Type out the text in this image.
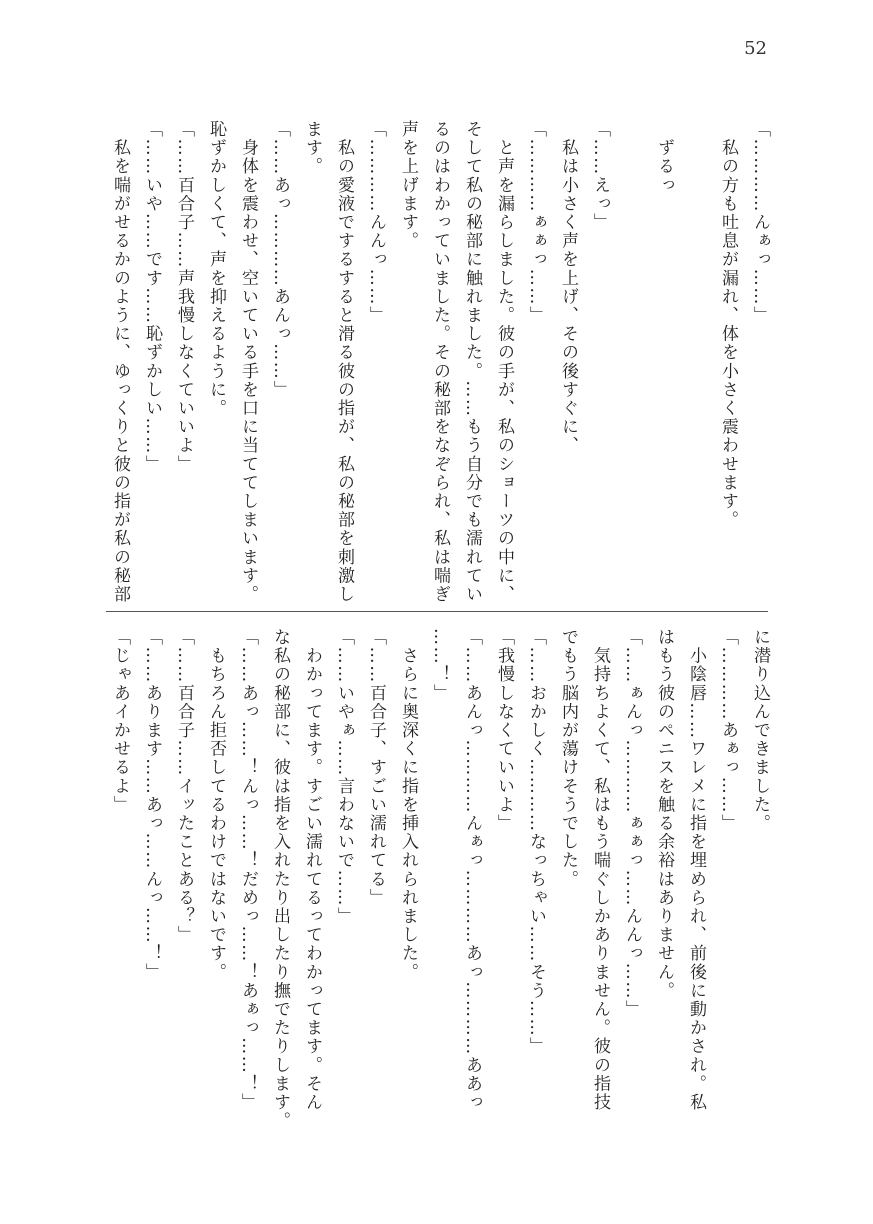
52
「…………んぁっ……」
　私の方も吐息が漏れ、体を小さく震わせます。
　ずるっ
「……えっ」
　私は小さく声を上げ、その後すぐに、
「…………ぁぁっ……」
　と声を漏らしました。彼の手が、私のショーツの中に、
そして私の秘部に触れました。……もう自分でも濡れてい
るのはわかっていました。その秘部をなぞられ、私は喘ぎ
声を上げます。
「…………んんっ……」
　私の愛液でするすると滑る彼の指が、私の秘部を刺激し
ます。
「……あっ…………あんっ……」
　身体を震わせ、空いている手を口に当ててしまいます。
恥ずかしくて、声を抑えるように。
「……百合子……声我慢しなくていいよ」
「……いや……です……恥ずかしい……」
　私を喘がせるかのように、ゆっくりと彼の指が私の秘部
に潜り込んできました。
「…………あぁっ……」
　小陰唇……ワレメに指を埋められ、前後に動かされ。私
はもう彼のペニスを触る余裕はありません。
「……ぁんっ…………ぁぁっ……んんっ……」
　気持ちよくて、私はもう喘ぐしかありません。彼の指技
でもう脳内が蕩けそうでした。
「……おかしく…………なっちゃい……そう……」
「我慢しなくていいよ」
「……あんっ…………んぁっ…………あっ…………ああっ
……！」
　さらに奥深くに指を挿入れられました。
「……百合子、すごい濡れてる」
「……いやぁ……言わないで……」
　わかってます。すごい濡れてるってわかってます。そん
な私の秘部に、彼は指を入れたり出したり撫でたりします。
「……あっ……！んっ……！だめっ……！あぁっ……！」
　もちろん拒否してるわけではないです。
「……百合子……イッたことある？」
「……あります……あっ……んっ……！」
「じゃあイかせるよ」
